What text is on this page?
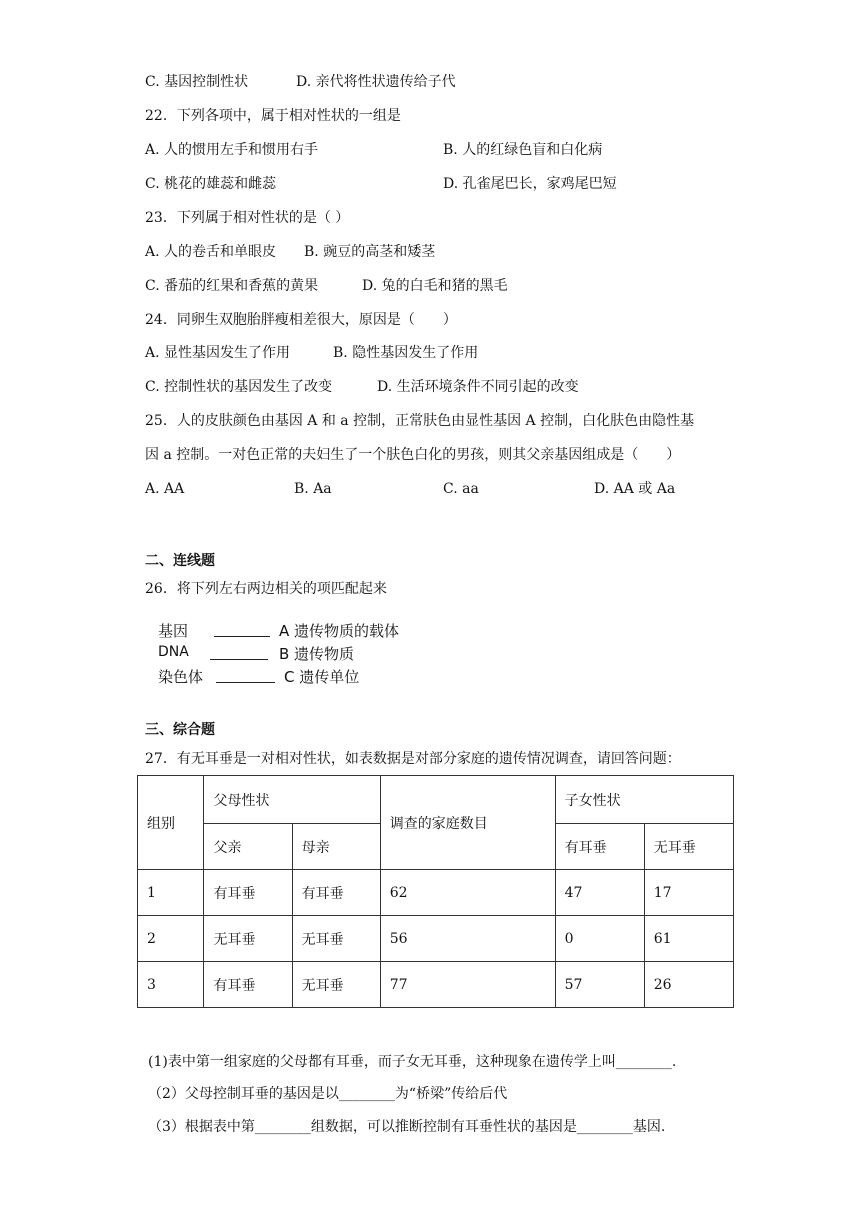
C. 基因控制性状	D. 亲代将性状遗传给子代
22．下列各项中，属于相对性状的一组是
A. 人的惯用左手和惯用右手	B. 人的红绿色盲和白化病
C. 桃花的雄蕊和雌蕊	D. 孔雀尾巴长，家鸡尾巴短
23．下列属于相对性状的是（ ）
A. 人的卷舌和单眼皮 B. 豌豆的高茎和矮茎
C. 番茄的红果和香蕉的黄果	D. 兔的白毛和猪的黑毛
24．同卵生双胞胎胖瘦相差很大，原因是（　　）
A. 显性基因发生了作用	B. 隐性基因发生了作用
C. 控制性状的基因发生了改变	D. 生活环境条件不同引起的改变
25．人的皮肤颜色由基因 A 和 a 控制，正常肤色由显性基因 A 控制，白化肤色由隐性基
因 a 控制。一对色正常的夫妇生了一个肤色白化的男孩，则其父亲基因组成是（　　）
A. AA	B. Aa	C. aa	D. AA 或 Aa
二、连线题
26．将下列左右两边相关的项匹配起来
基因	A 遗传物质的载体
DNA	B 遗传物质
染色体	C 遗传单位
三、综合题
27．有无耳垂是一对相对性状，如表数据是对部分家庭的遗传情况调查，请回答问题：
组别	父母性状		调查的家庭数目	子女性状	
	父亲	母亲		有耳垂	无耳垂
1	有耳垂	有耳垂	62	47	17
2	无耳垂	无耳垂	56	0	61
3	有耳垂	无耳垂	77	57	26
(1)表中第一组家庭的父母都有耳垂，而子女无耳垂，这种现象在遗传学上叫________.
（2）父母控制耳垂的基因是以________为“桥梁”传给后代
（3）根据表中第________组数据，可以推断控制有耳垂性状的基因是________基因.
